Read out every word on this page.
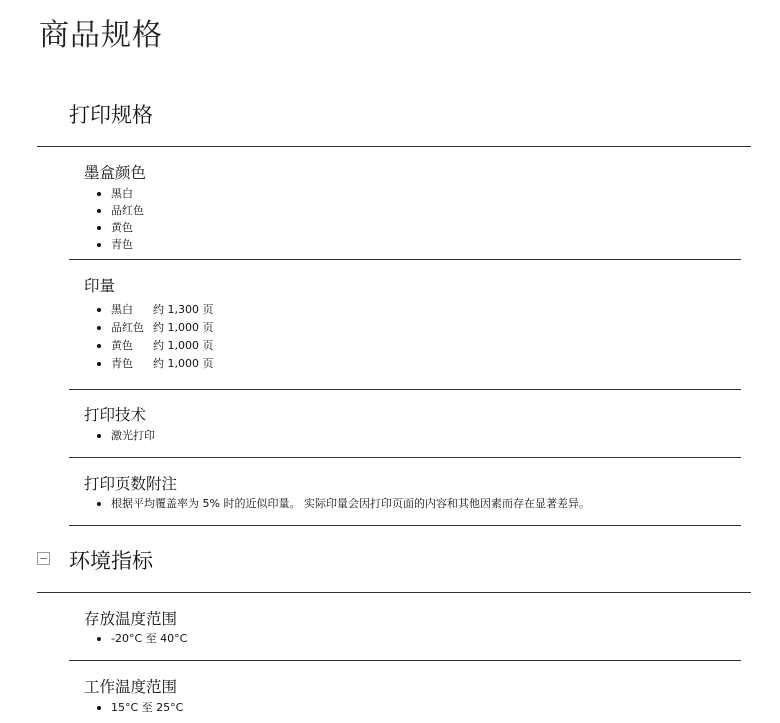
商品规格
打印规格
墨盒颜色
黑白
品红色
黄色
青色
印量
黑白 约 1,300 页
品红色 约 1,000 页
黄色 约 1,000 页
青色 约 1,000 页
打印技术
激光打印
打印页数附注
根据平均覆盖率为 5% 时的近似印量。 实际印量会因打印页面的内容和其他因素而存在显著差异。
环境指标
存放温度范围
-20°C 至 40°C
工作温度范围
15°C 至 25°C
